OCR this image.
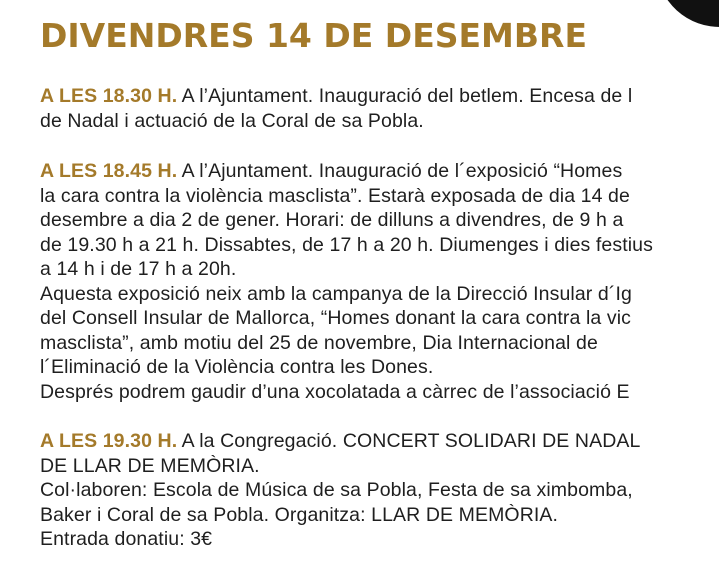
DIVENDRES 14 DE DESEMBRE

A LES 18.30 H. A l’Ajuntament. Inauguració del betlem. Encesa de l
de Nadal i actuació de la Coral de sa Pobla.

A LES 18.45 H. A l’Ajuntament. Inauguració de l´exposició “Homes
la cara contra la violència masclista”. Estarà exposada de dia 14 de
desembre a dia 2 de gener. Horari: de dilluns a divendres, de 9 h a
de 19.30 h a 21 h. Dissabtes, de 17 h a 20 h. Diumenges i dies festius
a 14 h i de 17 h a 20h.
Aquesta exposició neix amb la campanya de la Direcció Insular d´Ig
del Consell Insular de Mallorca, “Homes donant la cara contra la vic
masclista”, amb motiu del 25 de novembre, Dia Internacional de
l´Eliminació de la Violència contra les Dones.
Després podrem gaudir d’una xocolatada a càrrec de l’associació E

A LES 19.30 H. A la Congregació. CONCERT SOLIDARI DE NADAL
DE LLAR DE MEMÒRIA.
Col·laboren: Escola de Música de sa Pobla, Festa de sa ximbomba,
Baker i Coral de sa Pobla. Organitza: LLAR DE MEMÒRIA.
Entrada donatiu: 3€
